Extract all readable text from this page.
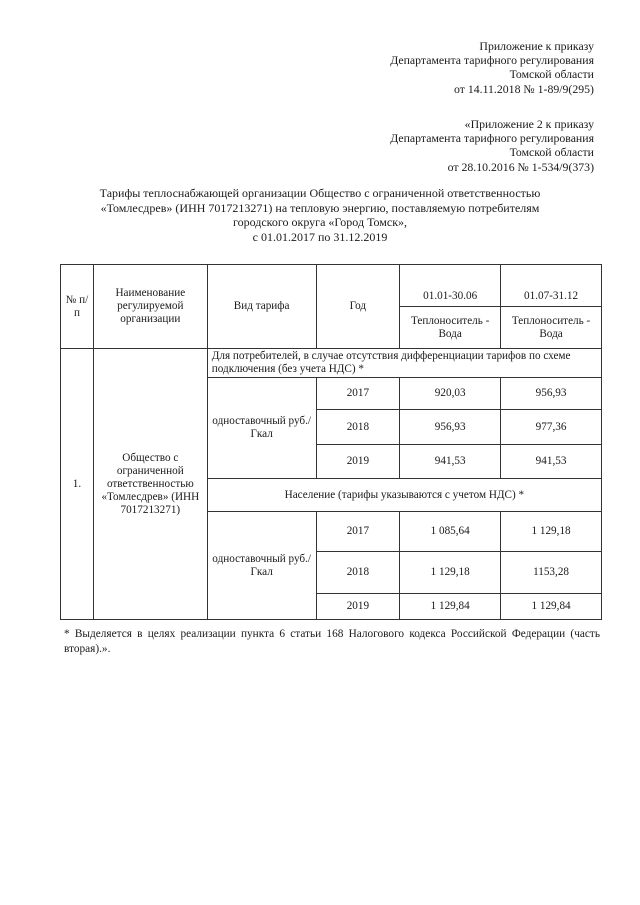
Приложение к приказу
Департамента тарифного регулирования
Томской области
от 14.11.2018 № 1-89/9(295)
«Приложение 2 к приказу
Департамента тарифного регулирования
Томской области
от 28.10.2016 № 1-534/9(373)
Тарифы теплоснабжающей организации Общество с ограниченной ответственностью
«Томлесдрев» (ИНН 7017213271) на тепловую энергию, поставляемую потребителям
городского округа «Город Томск»,
с 01.01.2017 по 31.12.2019
№ п/п	Наименование регулируемой организации	Вид тарифа	Год	01.01-30.06	01.07-31.12
				Теплоноситель - Вода	Теплоноситель - Вода
1.	Общество с ограниченной ответственностью «Томлесдрев» (ИНН 7017213271)	Для потребителей, в случае отсутствия дифференциации тарифов по схеме подключения (без учета НДС) *			
		одноставочный руб./Гкал	2017	920,03	956,93
			2018	956,93	977,36
			2019	941,53	941,53
		Население (тарифы указываются с учетом НДС) *			
		одноставочный руб./Гкал	2017	1 085,64	1 129,18
			2018	1 129,18	1153,28
			2019	1 129,84	1 129,84
* Выделяется в целях реализации пункта 6 статьи 168 Налогового кодекса Российской Федерации (часть вторая).».
